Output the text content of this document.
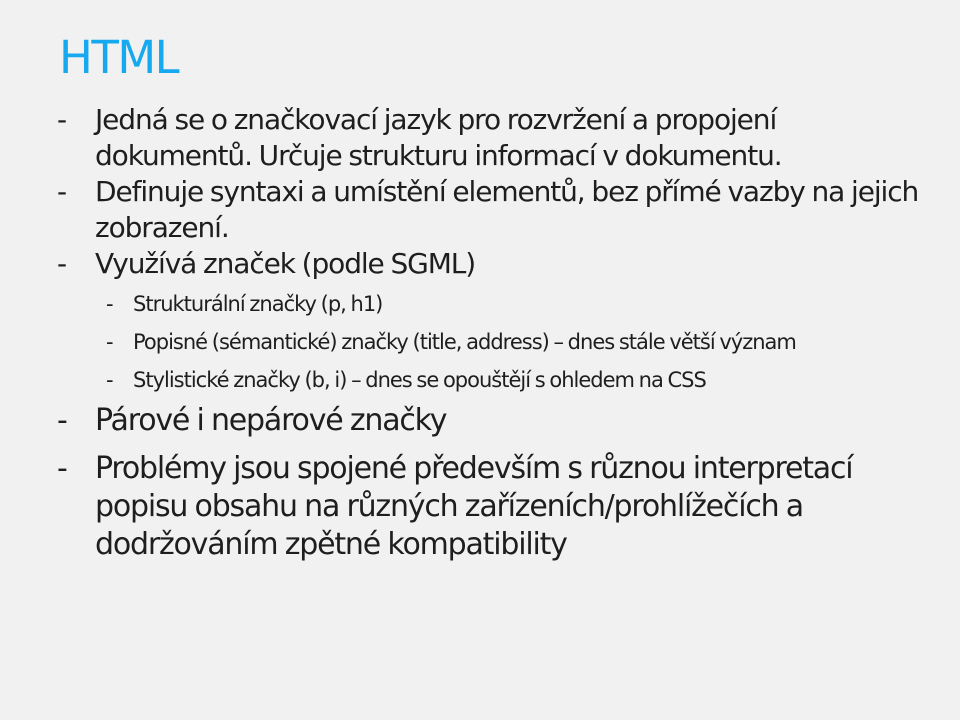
HTML
- Jedná se o značkovací jazyk pro rozvržení a propojení dokumentů. Určuje strukturu informací v dokumentu.
- Definuje syntaxi a umístění elementů, bez přímé vazby na jejich zobrazení.
- Využívá značek (podle SGML)
- Strukturální značky (p, h1)
- Popisné (sémantické) značky (title, address) – dnes stále větší význam
- Stylistické značky (b, i) – dnes se opouštějí s ohledem na CSS
- Párové i nepárové značky
- Problémy jsou spojené především s různou interpretací popisu obsahu na různých zařízeních/prohlížečích a dodržováním zpětné kompatibility
